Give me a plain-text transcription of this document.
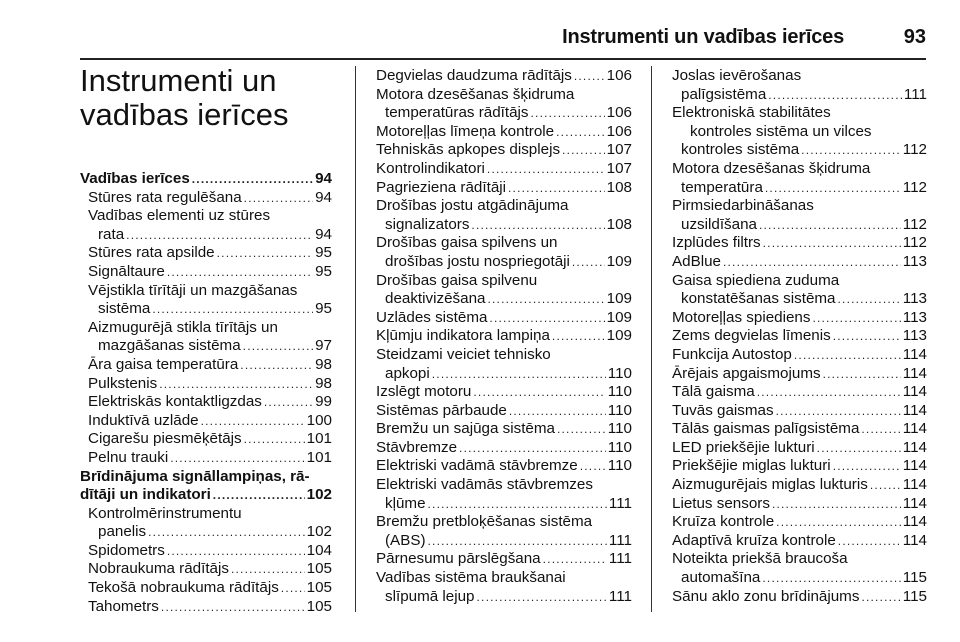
Instrumenti un vadības ierīces	93
Instrumenti un vadības ierīces
Vadības ierīces .....	94
Stūres rata regulēšana .....	94
Vadības elementi uz stūres
rata .....	94
Stūres rata apsilde .....	95
Signāltaure .....	95
Vējstikla tīrītāji un mazgāšanas
sistēma .....	95
Aizmugurējā stikla tīrītājs un
mazgāšanas sistēma .....	97
Āra gaisa temperatūra .....	98
Pulkstenis .....	98
Elektriskās kontaktligzdas .....	99
Induktīvā uzlāde .....	100
Cigarešu piesmēķētājs .....	101
Pelnu trauki .....	101
Brīdinājuma signāllampiņas, rā-
dītāji un indikatori .....	102
Kontrolmērinstrumentu
panelis .....	102
Spidometrs .....	104
Nobraukuma rādītājs .....	105
Tekošā nobraukuma rādītājs ..... 105
Tahometrs .....	105
Degvielas daudzuma rādītājs ..... 106
Motora dzesēšanas šķidruma
temperatūras rādītājs .....	106
Motoreļļas līmeņa kontrole .....	106
Tehniskās apkopes displejs .....	107
Kontrolindikatori .....	107
Pagrieziena rādītāji .....	108
Drošības jostu atgādinājuma
signalizators .....	108
Drošības gaisa spilvens un
drošības jostu nospriegotāji ..... 109
Drošības gaisa spilvenu
deaktivizēšana .....	109
Uzlādes sistēma .....	109
Kļūmju indikatora lampiņa .....	109
Steidzami veiciet tehnisko
apkopi .....	110
Izslēgt motoru .....	110
Sistēmas pārbaude .....	110
Bremžu un sajūga sistēma .....	110
Stāvbremze .....	110
Elektriski vadāmā stāvbremze ..... 110
Elektriski vadāmās stāvbremzes
kļūme .....	111
Bremžu pretbloķēšanas sistēma
(ABS) .....	111
Pārnesumu pārslēgšana .....	111
Vadības sistēma braukšanai
slīpumā lejup .....	111
Joslas ievērošanas
palīgsistēma .....	111
Elektroniskā stabilitātes
kontroles sistēma un vilces
kontroles sistēma .....	112
Motora dzesēšanas šķidruma
temperatūra .....	112
Pirmsiedarbināšanas
uzsildīšana .....	112
Izplūdes filtrs .....	112
AdBlue .....	113
Gaisa spiediena zuduma
konstatēšanas sistēma .....	113
Motoreļļas spiediens .....	113
Zems degvielas līmenis .....	113
Funkcija Autostop .....	114
Ārējais apgaismojums .....	114
Tālā gaisma .....	114
Tuvās gaismas .....	114
Tālās gaismas palīgsistēma .....	114
LED priekšējie lukturi .....	114
Priekšējie miglas lukturi .....	114
Aizmugurējais miglas lukturis ..... 114
Lietus sensors .....	114
Kruīza kontrole .....	114
Adaptīvā kruīza kontrole .....	114
Noteikta priekšā braucoša
automašīna .....	115
Sānu aklo zonu brīdinājums .....	115
